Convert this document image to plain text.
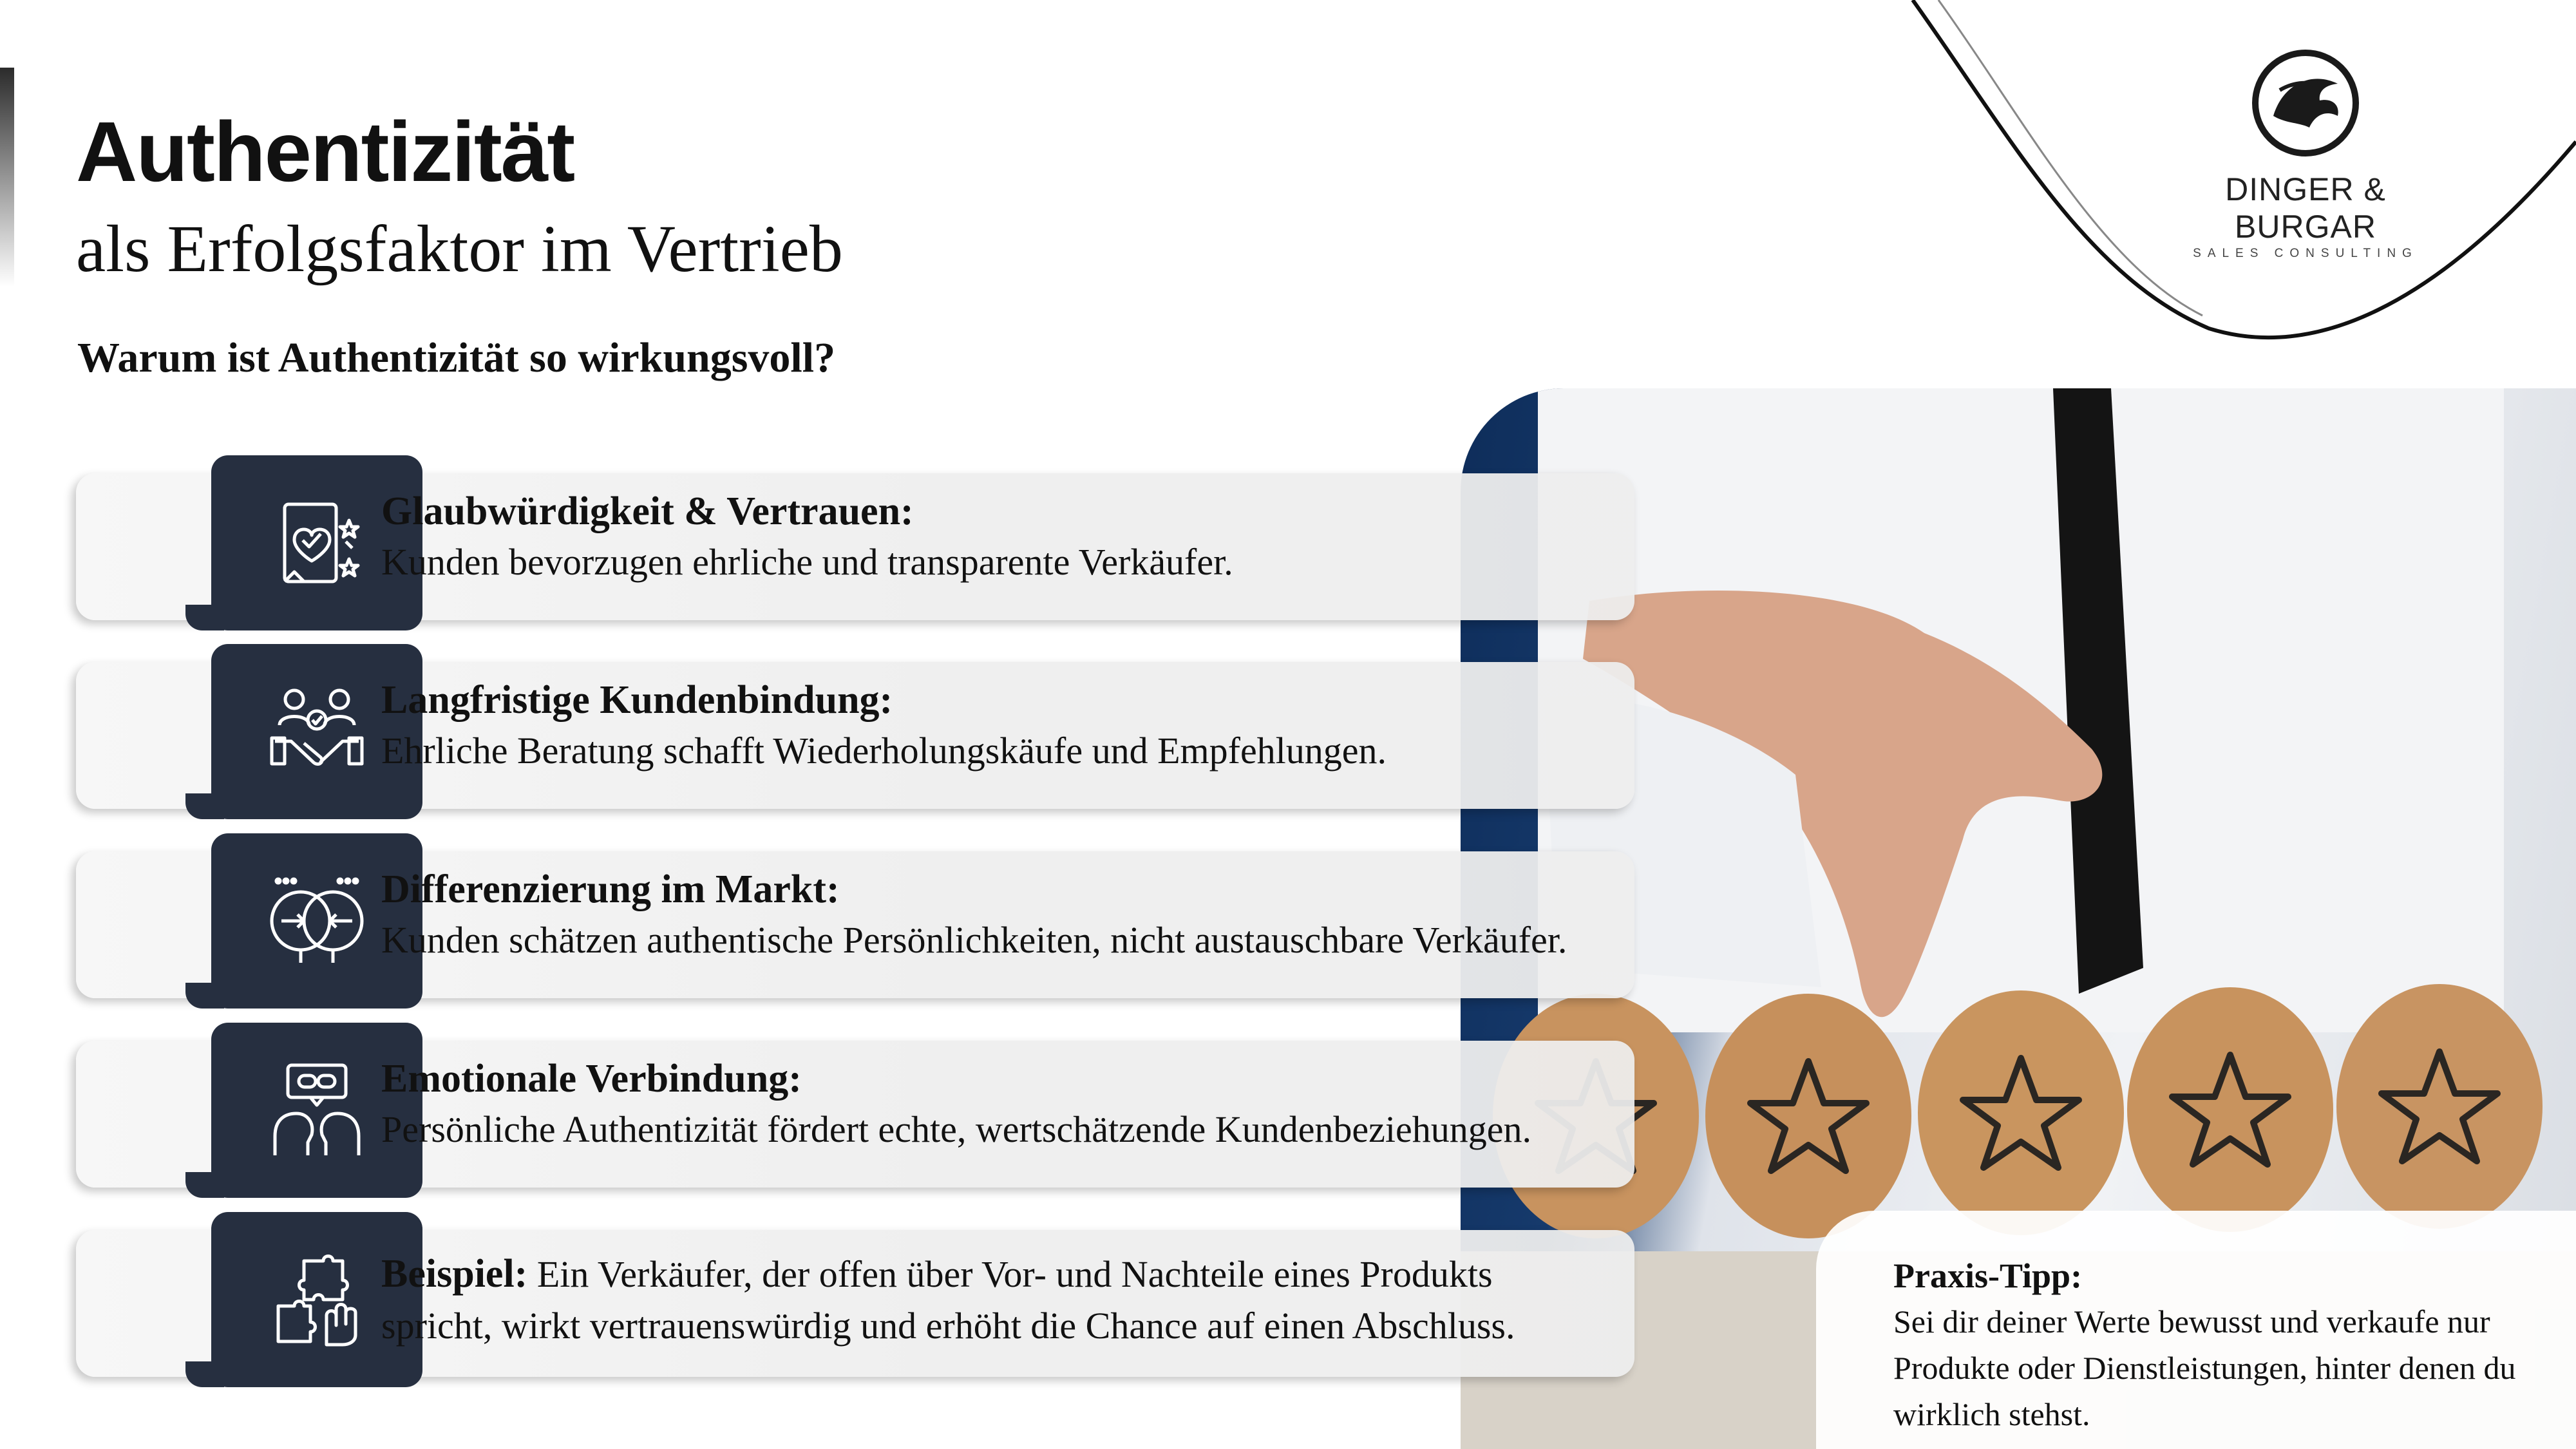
Authentizität
als Erfolgsfaktor im Vertrieb
Warum ist Authentizität so wirkungsvoll?
DINGER & BURGAR
SALES CONSULTING
Glaubwürdigkeit & Vertrauen:
Kunden bevorzugen ehrliche und transparente Verkäufer.
Langfristige Kundenbindung:
Ehrliche Beratung schafft Wiederholungskäufe und Empfehlungen.
Differenzierung im Markt:
Kunden schätzen authentische Persönlichkeiten, nicht austauschbare Verkäufer.
Emotionale Verbindung:
Persönliche Authentizität fördert echte, wertschätzende Kundenbeziehungen.
Beispiel: Ein Verkäufer, der offen über Vor- und Nachteile eines Produkts
spricht, wirkt vertrauenswürdig und erhöht die Chance auf einen Abschluss.
Praxis-Tipp:
Sei dir deiner Werte bewusst und verkaufe nur Produkte oder Dienstleistungen, hinter denen du wirklich stehst.
